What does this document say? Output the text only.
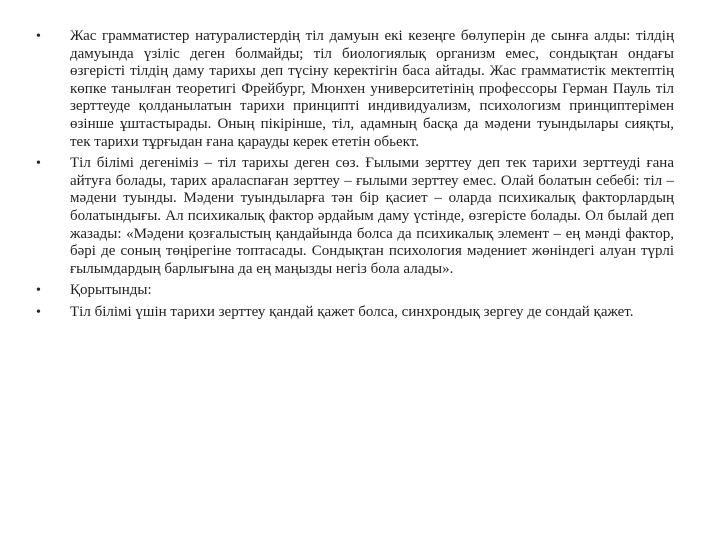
•	Жас грамматистер натуралистердің тіл дамуын екі кезеңге бөлуперін де сынға алды: тілдің дамуында үзіліс деген болмайды; тіл биологиялық организм емес, сондықтан ондағы өзгерісті тілдің даму тарихы деп түсіну керектігін баса айтады. Жас грамматистік мектептің көпке танылған теоретигі Фрейбург, Мюнхен университетінің профессоры Герман Пауль тіл зерттеуде қолданылатын тарихи принципті индивидуализм, психологизм принциптерімен өзінше ұштастырады. Оның пікірінше, тіл, адамның басқа да мәдени туындылары сияқты, тек тарихи тұрғыдан ғана қарауды керек ететін обьект.
•	Тіл білімі дегеніміз – тіл тарихы деген сөз. Ғылыми зерттеу деп тек тарихи зерттеуді ғана айтуға болады, тарих араласпаған зерттеу – ғылыми зерттеу емес. Олай болатын себебі: тіл – мәдени туынды. Мәдени туындыларға тән бір қасиет – оларда психикалық факторлардың болатындығы. Ал психикалық фактор әрдайым даму үстінде, өзгерісте болады. Ол былай деп жазады: «Мәдени қозғалыстың қандайында болса да психикалық элемент – ең мәнді фактор, бәрі де соның төңірегіне топтасады. Сондықтан психология мәдениет жөніндегі алуан түрлі ғылымдардың барлығына да ең маңызды негіз бола алады».
•	Қорытынды:
•	Тіл білімі үшін тарихи зерттеу қандай қажет болса, синхрондық зергеу де сондай қажет.
